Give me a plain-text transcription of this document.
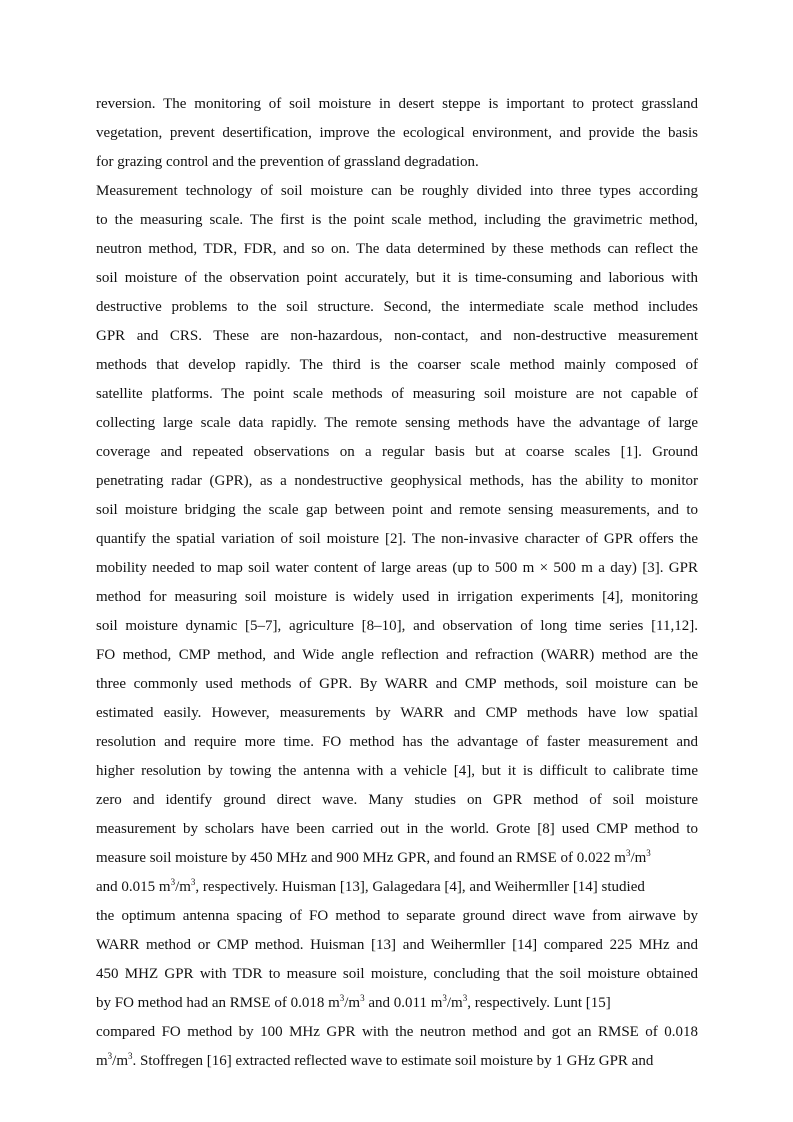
reversion. The monitoring of soil moisture in desert steppe is important to protect grassland
vegetation, prevent desertification, improve the ecological environment, and provide the basis
for grazing control and the prevention of grassland degradation.
Measurement technology of soil moisture can be roughly divided into three types according
to the measuring scale. The first is the point scale method, including the gravimetric method,
neutron method, TDR, FDR, and so on. The data determined by these methods can reflect the
soil moisture of the observation point accurately, but it is time-consuming and laborious with
destructive problems to the soil structure. Second, the intermediate scale method includes
GPR and CRS. These are non-hazardous, non-contact, and non-destructive measurement
methods that develop rapidly. The third is the coarser scale method mainly composed of
satellite platforms. The point scale methods of measuring soil moisture are not capable of
collecting large scale data rapidly. The remote sensing methods have the advantage of large
coverage and repeated observations on a regular basis but at coarse scales [1]. Ground
penetrating radar (GPR), as a nondestructive geophysical methods, has the ability to monitor
soil moisture bridging the scale gap between point and remote sensing measurements, and to
quantify the spatial variation of soil moisture [2]. The non-invasive character of GPR offers the
mobility needed to map soil water content of large areas (up to 500 m × 500 m a day) [3]. GPR
method for measuring soil moisture is widely used in irrigation experiments [4], monitoring
soil moisture dynamic [5–7], agriculture [8–10], and observation of long time series [11,12].
FO method, CMP method, and Wide angle reflection and refraction (WARR) method are the
three commonly used methods of GPR. By WARR and CMP methods, soil moisture can be
estimated easily. However, measurements by WARR and CMP methods have low spatial
resolution and require more time. FO method has the advantage of faster measurement and
higher resolution by towing the antenna with a vehicle [4], but it is difficult to calibrate time
zero and identify ground direct wave. Many studies on GPR method of soil moisture
measurement by scholars have been carried out in the world. Grote [8] used CMP method to
measure soil moisture by 450 MHz and 900 MHz GPR, and found an RMSE of 0.022 $m^3/m^3$
and 0.015 $m^3/m^3$, respectively. Huisman [13], Galagedara [4], and Weihermller [14] studied
the optimum antenna spacing of FO method to separate ground direct wave from airwave by
WARR method or CMP method. Huisman [13] and Weihermller [14] compared 225 MHz and
450 MHZ GPR with TDR to measure soil moisture, concluding that the soil moisture obtained
by FO method had an RMSE of 0.018 $m^3/m^3$ and 0.011 $m^3/m^3$, respectively. Lunt [15]
compared FO method by 100 MHz GPR with the neutron method and got an RMSE of 0.018
$m^3/m^3$. Stoffregen [16] extracted reflected wave to estimate soil moisture by 1 GHz GPR and
